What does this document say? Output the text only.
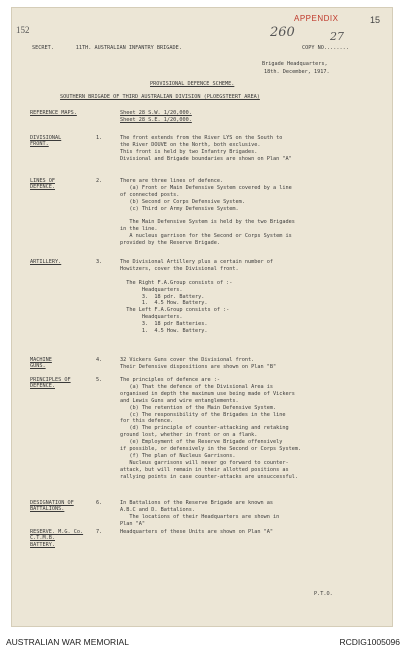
152
APPENDIX	15
260	27
SECRET.       11TH. AUSTRALIAN INFANTRY BRIGADE.	COPY NO........
Brigade Headquarters,
18th. December, 1917.
PROVISIONAL DEFENCE SCHEME.
SOUTHERN BRIGADE OF THIRD AUSTRALIAN DIVISION (PLOEGSTEERT AREA)
REFERENCE MAPS.	Sheet 28 S.W. 1/20,000.
Sheet 28 S.E. 1/20,000.
P.T.O.
DIVISIONAL
FRONT.
1.	The front extends from the River LYS on the South to
the River DOUVE on the North, both exclusive.
This front is held by two Infantry Brigades.
Divisional and Brigade boundaries are shown on Plan "A"
LINES OF
DEFENCE.
2.	There are three lines of defence.
(a) Front or Main Defensive System covered by a line
of connected posts.
(b) Second or Corps Defensive System.
(c) Third or Army Defensive System.
The Main Defensive System is held by the two Brigades
in the line.
A nucleus garrison for the Second or Corps System is
provided by the Reserve Brigade.
ARTILLERY.	3.	The Divisional Artillery plus a certain number of
Howitzers, cover the Divisional front.
The Right F.A.Group consists of :-
Headquarters.
3.  18 pdr. Battery.
1.  4.5 How. Battery.
The Left F.A.Group consists of :-
Headquarters.
3.  18 pdr Batteries.
1.  4.5 How. Battery.
MACHINE
GUNS.
4.	32 Vickers Guns cover the Divisional front.
Their Defensive dispositions are shown on Plan "B"
PRINCIPLES OF
DEFENCE.
5.	The principles of defence are :-
(a) That the defence of the Divisional Area is
organised in depth the maximum use being made of Vickers
and Lewis Guns and wire entanglements.
(b) The retention of the Main Defensive System.
(c) The responsibility of the Brigades in the line
for this defence.
(d) The principle of counter-attacking and retaking
ground lost, whether in front or on a flank.
(e) Employment of the Reserve Brigade offensively
if possible, or defensively in the Second or Corps System.
(f) The plan of Nucleus Garrisons.
Nucleus garrisons will never go forward to counter-
attack, but will remain in their allotted positions as
rallying points in case counter-attacks are unsuccessful.
DESIGNATION OF
BATTALIONS.
6.	In Battalions of the Reserve Brigade are known as
A.B.C and D. Battalions.
The locations of their Headquarters are shown in
Plan "A"
RESERVE. M.G. Co.
C.T.M.B.
BATTERY.
7.	Headquarters of these Units are shown on Plan "A"
AUSTRALIAN WAR MEMORIAL	RCDIG1005096
